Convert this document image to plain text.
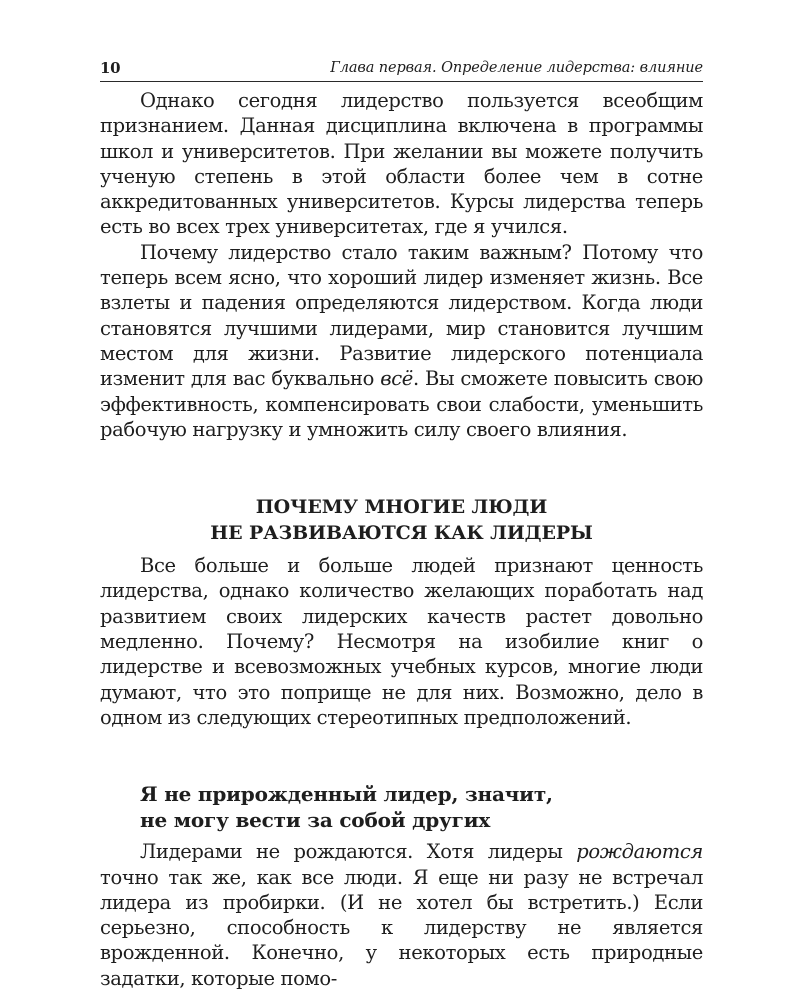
10	Глава первая. Определение лидерства: влияние

Однако сегодня лидерство пользуется всеобщим признанием. Данная дисциплина включена в программы школ и университетов. При желании вы можете получить ученую степень в этой области более чем в сотне аккредитованных университетов. Курсы лидерства теперь есть во всех трех университетах, где я учился.

Почему лидерство стало таким важным? Потому что теперь всем ясно, что хороший лидер изменяет жизнь. Все взлеты и падения определяются лидерством. Когда люди становятся лучшими лидерами, мир становится лучшим местом для жизни. Развитие лидерского потенциала изменит для вас буквально всё. Вы сможете повысить свою эффективность, компенсировать свои слабости, уменьшить рабочую нагрузку и умножить силу своего влияния.

ПОЧЕМУ МНОГИЕ ЛЮДИ
НЕ РАЗВИВАЮТСЯ КАК ЛИДЕРЫ

Все больше и больше людей признают ценность лидерства, однако количество желающих поработать над развитием своих лидерских качеств растет довольно медленно. Почему? Несмотря на изобилие книг о лидерстве и всевозможных учебных курсов, многие люди думают, что это поприще не для них. Возможно, дело в одном из следующих стереотипных предположений.

Я не прирожденный лидер, значит,
не могу вести за собой других

Лидерами не рождаются. Хотя лидеры рождаются точно так же, как все люди. Я еще ни разу не встречал лидера из пробирки. (И не хотел бы встретить.) Если серьезно, способность к лидерству не является врожденной. Конечно, у некоторых есть природные задатки, которые помо-
